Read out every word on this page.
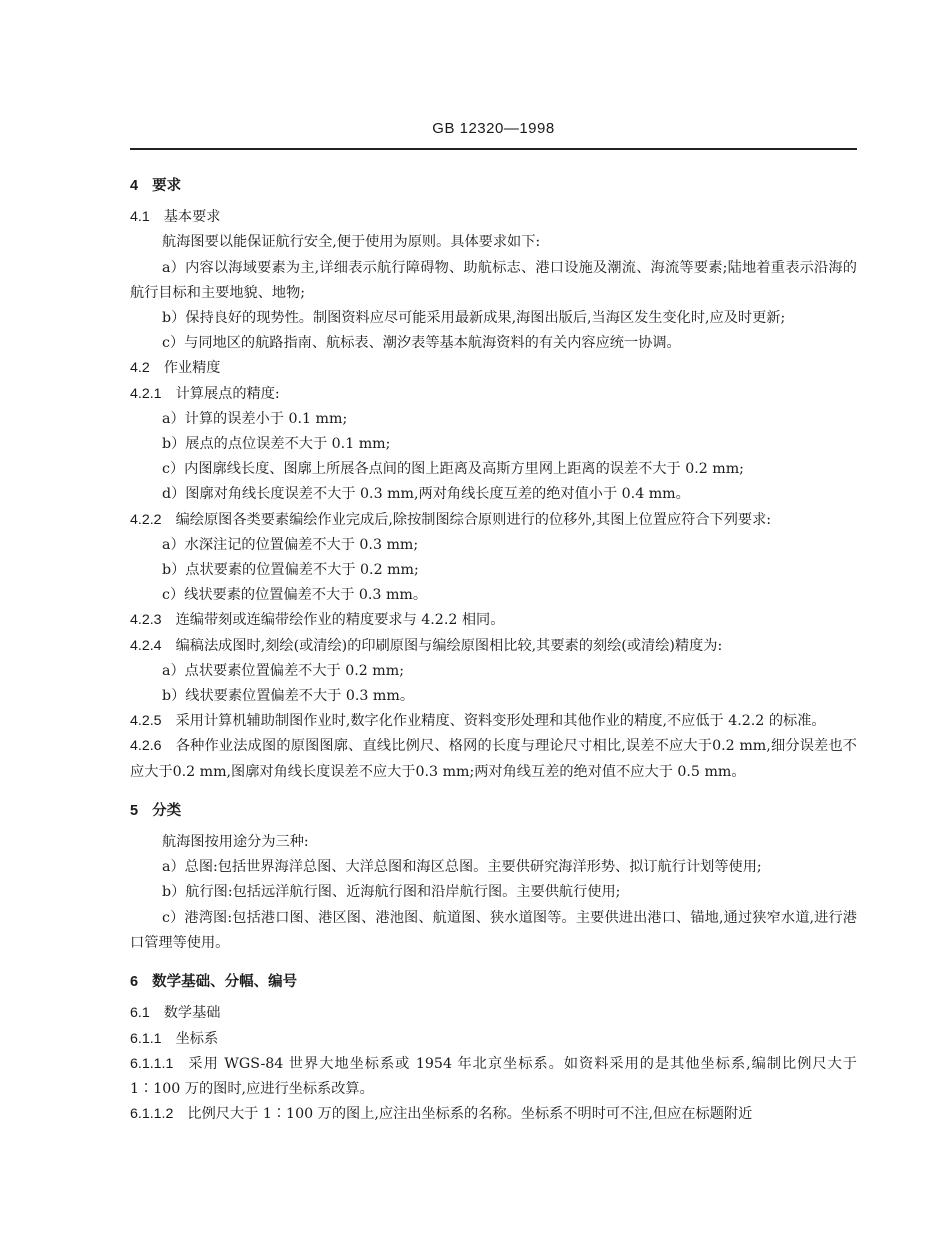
GB 12320—1998

4 要求

4.1 基本要求

航海图要以能保证航行安全,便于使用为原则。具体要求如下:

a）内容以海域要素为主,详细表示航行障碍物、助航标志、港口设施及潮流、海流等要素;陆地着重表示沿海的航行目标和主要地貌、地物;

b）保持良好的现势性。制图资料应尽可能采用最新成果,海图出版后,当海区发生变化时,应及时更新;

c）与同地区的航路指南、航标表、潮汐表等基本航海资料的有关内容应统一协调。

4.2 作业精度

4.2.1 计算展点的精度:

a）计算的误差小于 0.1 mm;

b）展点的点位误差不大于 0.1 mm;

c）内图廓线长度、图廓上所展各点间的图上距离及高斯方里网上距离的误差不大于 0.2 mm;

d）图廓对角线长度误差不大于 0.3 mm,两对角线长度互差的绝对值小于 0.4 mm。

4.2.2 编绘原图各类要素编绘作业完成后,除按制图综合原则进行的位移外,其图上位置应符合下列要求:

a）水深注记的位置偏差不大于 0.3 mm;

b）点状要素的位置偏差不大于 0.2 mm;

c）线状要素的位置偏差不大于 0.3 mm。

4.2.3 连编带刻或连编带绘作业的精度要求与 4.2.2 相同。

4.2.4 编稿法成图时,刻绘(或清绘)的印刷原图与编绘原图相比较,其要素的刻绘(或清绘)精度为:

a）点状要素位置偏差不大于 0.2 mm;

b）线状要素位置偏差不大于 0.3 mm。

4.2.5 采用计算机辅助制图作业时,数字化作业精度、资料变形处理和其他作业的精度,不应低于 4.2.2 的标准。

4.2.6 各种作业法成图的原图图廓、直线比例尺、格网的长度与理论尺寸相比,误差不应大于0.2 mm,细分误差也不应大于0.2 mm,图廓对角线长度误差不应大于0.3 mm;两对角线互差的绝对值不应大于 0.5 mm。

5 分类

航海图按用途分为三种:

a）总图:包括世界海洋总图、大洋总图和海区总图。主要供研究海洋形势、拟订航行计划等使用;

b）航行图:包括远洋航行图、近海航行图和沿岸航行图。主要供航行使用;

c）港湾图:包括港口图、港区图、港池图、航道图、狭水道图等。主要供进出港口、锚地,通过狭窄水道,进行港口管理等使用。

6 数学基础、分幅、编号

6.1 数学基础

6.1.1 坐标系

6.1.1.1 采用 WGS-84 世界大地坐标系或 1954 年北京坐标系。如资料采用的是其他坐标系,编制比例尺大于 1∶100 万的图时,应进行坐标系改算。

6.1.1.2 比例尺大于 1∶100 万的图上,应注出坐标系的名称。坐标系不明时可不注,但应在标题附近
